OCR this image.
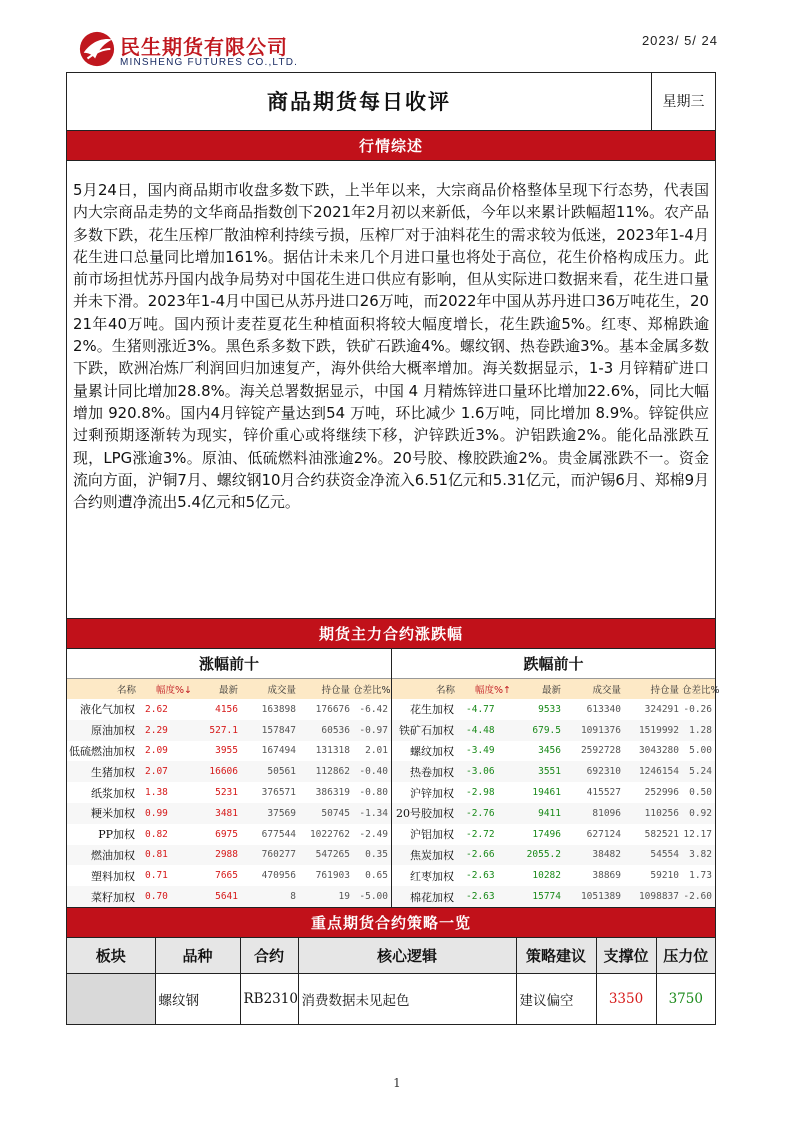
民生期货有限公司
MINSHENG FUTURES CO.,LTD.
2023/ 5/ 24
商品期货每日收评	星期三
行情综述
5月24日，国内商品期市收盘多数下跌，上半年以来，大宗商品价格整体呈现下行态势，代表国内大宗商品走势的文华商品指数创下2021年2月初以来新低，今年以来累计跌幅超11%。农产品多数下跌，花生压榨厂散油榨利持续亏损，压榨厂对于油料花生的需求较为低迷，2023年1-4月花生进口总量同比增加161%。据估计未来几个月进口量也将处于高位，花生价格构成压力。此前市场担忧苏丹国内战争局势对中国花生进口供应有影响，但从实际进口数据来看，花生进口量并未下滑。2023年1-4月中国已从苏丹进口26万吨，而2022年中国从苏丹进口36万吨花生，2021年40万吨。国内预计麦茬夏花生种植面积将较大幅度增长，花生跌逾5%。红枣、郑棉跌逾2%。生猪则涨近3%。黑色系多数下跌，铁矿石跌逾4%。螺纹钢、热卷跌逾3%。基本金属多数下跌，欧洲冶炼厂利润回归加速复产，海外供给大概率增加。海关数据显示，1-3 月锌精矿进口量累计同比增加28.8%。海关总署数据显示，中国 4 月精炼锌进口量环比增加22.6%，同比大幅增加 920.8%。国内4月锌锭产量达到54 万吨，环比减少 1.6万吨，同比增加 8.9%。锌锭供应过剩预期逐渐转为现实，锌价重心或将继续下移，沪锌跌近3%。沪铝跌逾2%。能化品涨跌互现，LPG涨逾3%。原油、低硫燃料油涨逾2%。20号胶、橡胶跌逾2%。贵金属涨跌不一。资金流向方面，沪铜7月、螺纹钢10月合约获资金净流入6.51亿元和5.31亿元，而沪锡6月、郑棉9月合约则遭净流出5.4亿元和5亿元。
期货主力合约涨跌幅
涨幅前十
名称	幅度%↓	最新	成交量	持仓量	仓差比%
液化气加权	2.62	4156	163898	176676	-6.42
原油加权	2.29	527.1	157847	60536	-0.97
低硫燃油加权	2.09	3955	167494	131318	2.01
生猪加权	2.07	16606	50561	112862	-0.40
纸浆加权	1.38	5231	376571	386319	-0.80
粳米加权	0.99	3481	37569	50745	-1.34
PP加权	0.82	6975	677544	1022762	-2.49
燃油加权	0.81	2988	760277	547265	0.35
塑料加权	0.71	7665	470956	761903	0.65
菜籽加权	0.70	5641	8	19	-5.00
跌幅前十
名称	幅度%↑	最新	成交量	持仓量	仓差比%
花生加权	-4.77	9533	613340	324291	-0.26
铁矿石加权	-4.48	679.5	1091376	1519992	1.28
螺纹加权	-3.49	3456	2592728	3043280	5.00
热卷加权	-3.06	3551	692310	1246154	5.24
沪锌加权	-2.98	19461	415527	252996	0.50
20号胶加权	-2.76	9411	81096	110256	0.92
沪铝加权	-2.72	17496	627124	582521	12.17
焦炭加权	-2.66	2055.2	38482	54554	3.82
红枣加权	-2.63	10282	38869	59210	1.73
棉花加权	-2.63	15774	1051389	1098837	-2.60
重点期货合约策略一览
板块	品种	合约	核心逻辑	策略建议	支撑位	压力位
	螺纹钢	RB2310	消费数据未见起色	建议偏空	3350	3750
1
